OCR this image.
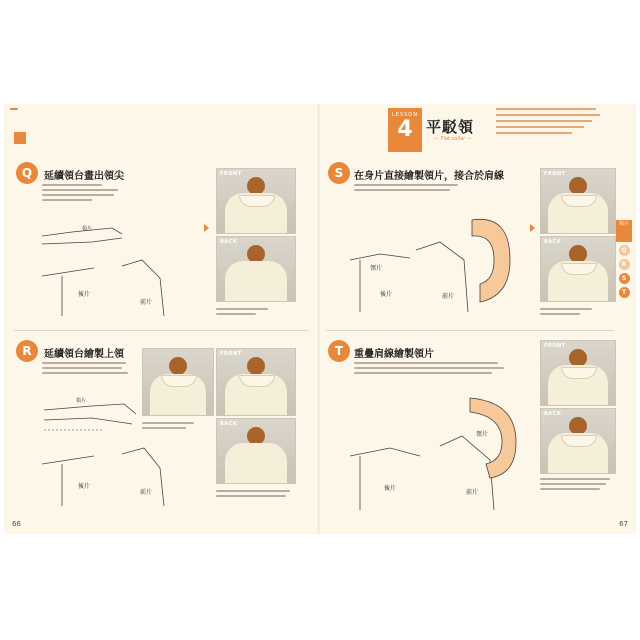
Q	延續領台畫出領尖
後片
前片
領片
FRONT
BACK
R	延續領台繪製上領
後片
前片
領片
FRONT
BACK
66
LESSON
4 平駁領
— Flat collar —
S	在身片直接繪製領片，接合於肩線
領片
後片	前片
FRONT
BACK
T	重疊肩線繪製領片
後片
前片
領片
FRONT
BACK
領片
Q
R
S
T
67
